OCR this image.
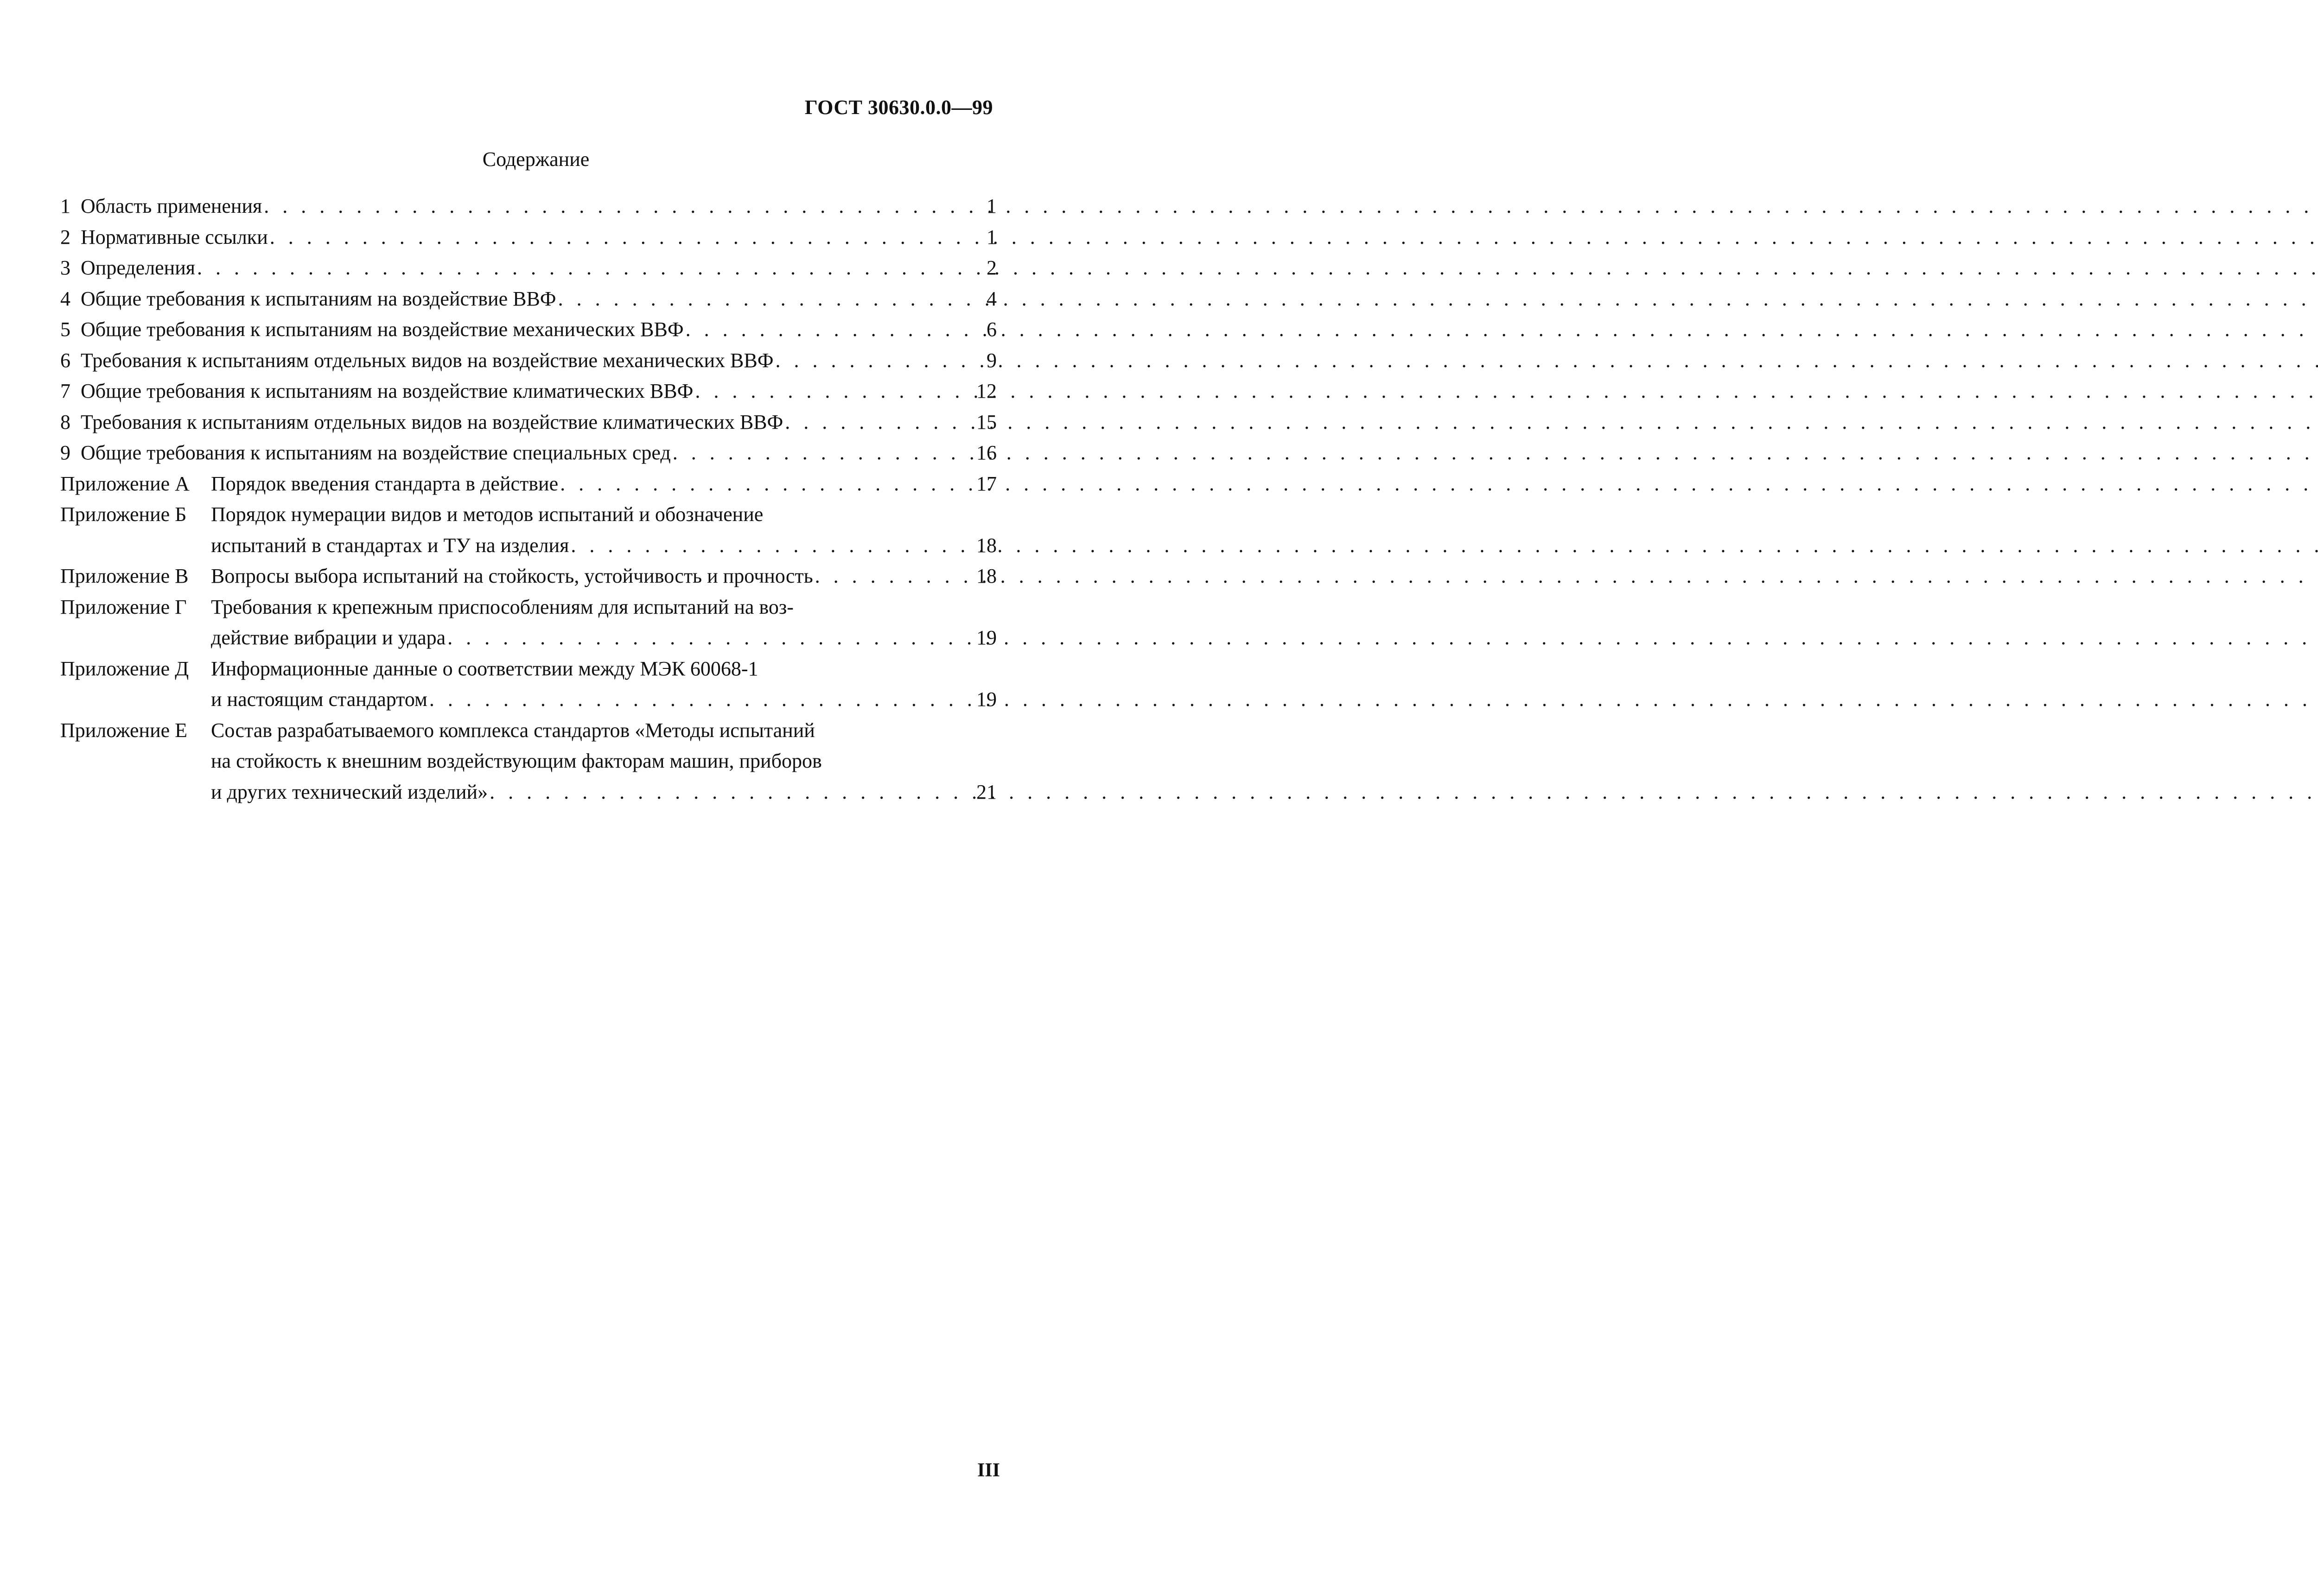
ГОСТ 30630.0.0—99
Содержание
1 Область применения . . .	1
2 Нормативные ссылки . . .	1
3 Определения . . .	2
4 Общие требования к испытаниям на воздействие ВВФ . . .	4
5 Общие требования к испытаниям на воздействие механических ВВФ . . .	6
6 Требования к испытаниям отдельных видов на воздействие механических ВВФ . . .	9
7 Общие требования к испытаниям на воздействие климатических ВВФ . . .	12
8 Требования к испытаниям отдельных видов на воздействие климатических ВВФ . . .	15
9 Общие требования к испытаниям на воздействие специальных сред . . .	16
Приложение А	Порядок введения стандарта в действие . . .	17
Приложение Б	Порядок нумерации видов и методов испытаний и обозначение
испытаний в стандартах и ТУ на изделия . . .	18
Приложение В	Вопросы выбора испытаний на стойкость, устойчивость и прочность . . .	18
Приложение Г	Требования к крепежным приспособлениям для испытаний на воз-
действие вибрации и удара . . .	19
Приложение Д	Информационные данные о соответствии между МЭК 60068-1
и настоящим стандартом . . .	19
Приложение Е	Состав разрабатываемого комплекса стандартов «Методы испытаний
на стойкость к внешним воздействующим факторам машин, приборов
и других технический изделий» . . .	21
III
